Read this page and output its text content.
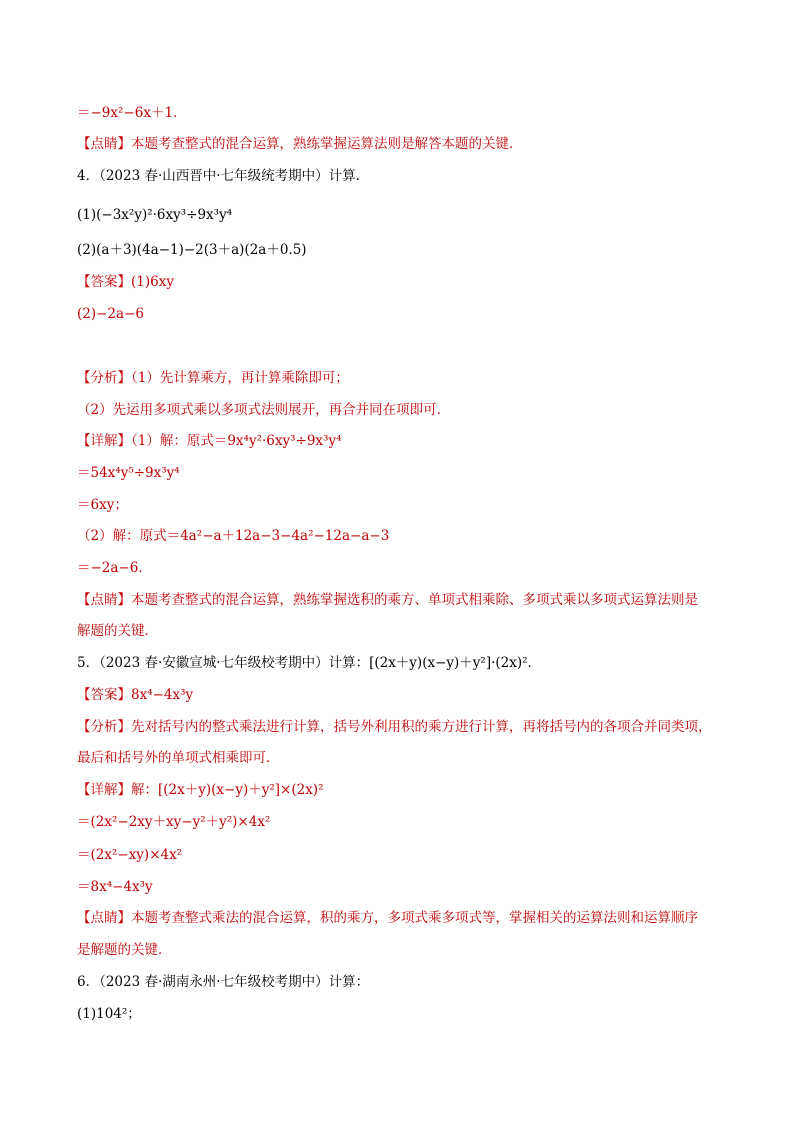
＝−9x²−6x＋1．
【点睛】本题考查整式的混合运算，熟练掌握运算法则是解答本题的关键．
4．（2023 春·山西晋中·七年级统考期中）计算．
(1)(−3x²y)²·6xy³÷9x³y⁴
(2)(a＋3)(4a−1)−2(3＋a)(2a＋0.5)
【答案】(1)6xy
(2)−2a−6
【分析】（1）先计算乘方，再计算乘除即可；
（2）先运用多项式乘以多项式法则展开，再合并同在项即可．
【详解】（1）解：原式＝9x⁴y²·6xy³÷9x³y⁴
＝54x⁴y⁵÷9x³y⁴
＝6xy；
（2）解：原式＝4a²−a＋12a−3−4a²−12a−a−3
＝−2a−6．
【点睛】本题考查整式的混合运算，熟练掌握选积的乘方、单项式相乘除、多项式乘以多项式运算法则是
解题的关键．
5．（2023 春·安徽宣城·七年级校考期中）计算：[(2x＋y)(x−y)＋y²]·(2x)²．
【答案】8x⁴−4x³y
【分析】先对括号内的整式乘法进行计算，括号外利用积的乘方进行计算，再将括号内的各项合并同类项，
最后和括号外的单项式相乘即可．
【详解】解：[(2x＋y)(x−y)＋y²]×(2x)²
＝(2x²−2xy＋xy−y²＋y²)×4x²
＝(2x²−xy)×4x²
＝8x⁴−4x³y
【点睛】本题考查整式乘法的混合运算，积的乘方，多项式乘多项式等，掌握相关的运算法则和运算顺序
是解题的关键．
6．（2023 春·湖南永州·七年级校考期中）计算：
(1)104²；
